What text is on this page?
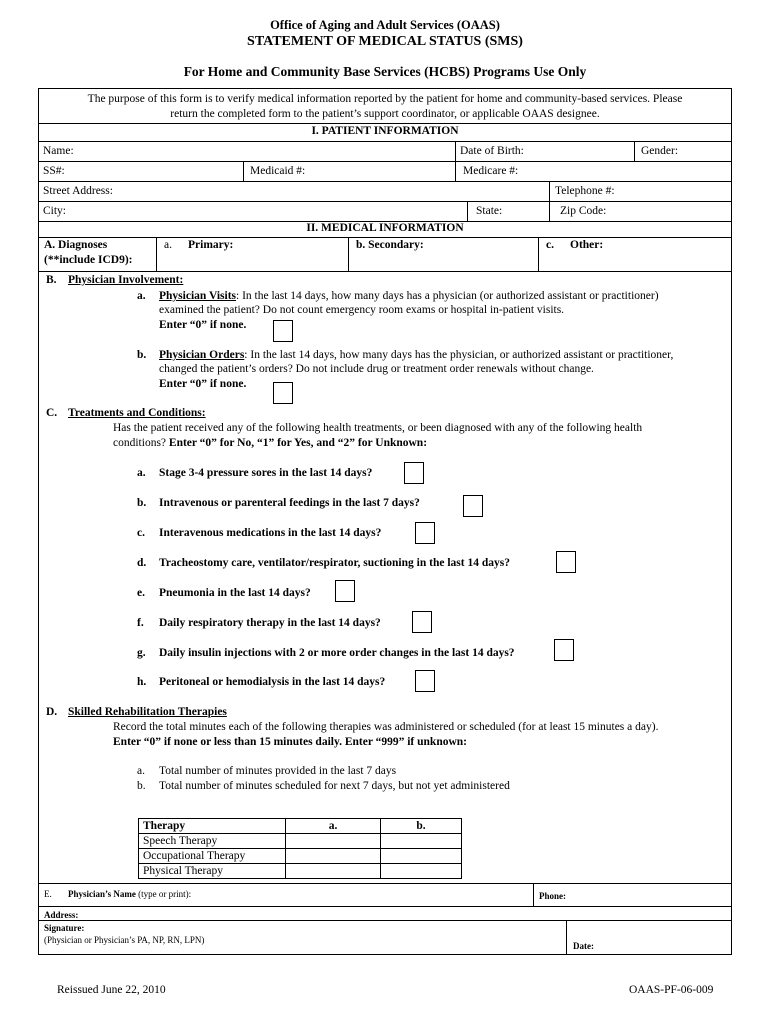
Office of Aging and Adult Services (OAAS)
STATEMENT OF MEDICAL STATUS (SMS)
For Home and Community Base Services (HCBS) Programs Use Only
The purpose of this form is to verify medical information reported by the patient for home and community-based services. Please
return the completed form to the patient’s support coordinator, or applicable OAAS designee.
I. PATIENT INFORMATION
Name:	Date of Birth:	Gender:
SS#:	Medicaid #:	Medicare #:
Street Address:	Telephone #:
City:	State:	Zip Code:
II. MEDICAL INFORMATION
A. Diagnoses
(**include ICD9):
a. Primary:	b. Secondary:	c. Other:
B. Physician Involvement:
a. Physician Visits: In the last 14 days, how many days has a physician (or authorized assistant or practitioner)
examined the patient? Do not count emergency room exams or hospital in-patient visits.
Enter “0” if none.
b. Physician Orders: In the last 14 days, how many days has the physician, or authorized assistant or practitioner,
changed the patient’s orders? Do not include drug or treatment order renewals without change.
Enter “0” if none.
C. Treatments and Conditions:
Has the patient received any of the following health treatments, or been diagnosed with any of the following health
conditions? Enter “0” for No, “1” for Yes, and “2” for Unknown:
a. Stage 3-4 pressure sores in the last 14 days?
b. Intravenous or parenteral feedings in the last 7 days?
c. Interavenous medications in the last 14 days?
d. Tracheostomy care, ventilator/respirator, suctioning in the last 14 days?
e. Pneumonia in the last 14 days?
f. Daily respiratory therapy in the last 14 days?
g. Daily insulin injections with 2 or more order changes in the last 14 days?
h. Peritoneal or hemodialysis in the last 14 days?
D. Skilled Rehabilitation Therapies
Record the total minutes each of the following therapies was administered or scheduled (for at least 15 minutes a day).
Enter “0” if none or less than 15 minutes daily. Enter “999” if unknown:
a. Total number of minutes provided in the last 7 days
b. Total number of minutes scheduled for next 7 days, but not yet administered
Therapy	a.	b.
Speech Therapy		
Occupational Therapy		
Physical Therapy		
E. Physician’s Name (type or print):	Phone:
Address:
Signature:
(Physician or Physician’s PA, NP, RN, LPN)
Date:
Reissued June 22, 2010	OAAS-PF-06-009
